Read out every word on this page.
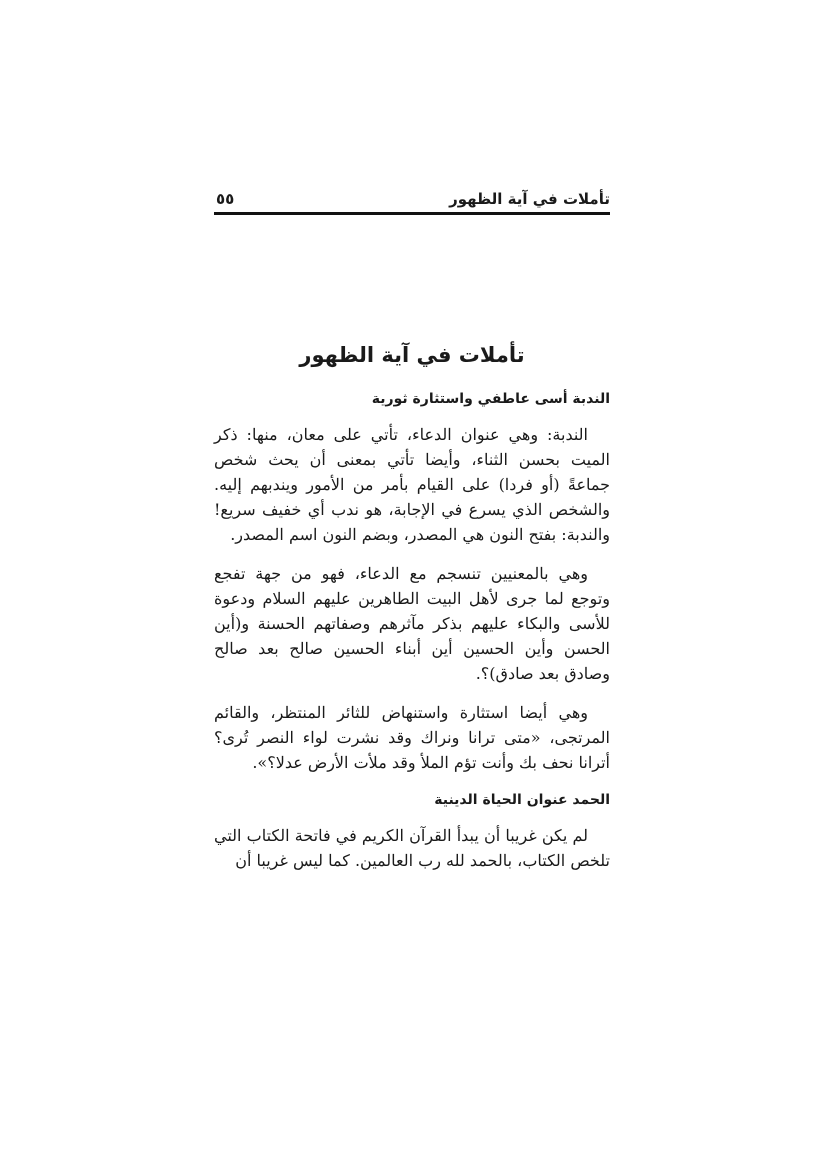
تأملات في آية الظهور
٥٥
تأملات في آية الظهور
الندبة أسى عاطفي واستثارة ثورية

الندبة: وهي عنوان الدعاء، تأتي على معان، منها: ذكر الميت بحسن الثناء، وأيضا تأتي بمعنى أن يحث شخص جماعةً (أو فردا) على القيام بأمر من الأمور ويندبهم إليه. والشخص الذي يسرع في الإجابة، هو ندب أي خفيف سريع! والندبة: بفتح النون هي المصدر، وبضم النون اسم المصدر.

وهي بالمعنيين تنسجم مع الدعاء، فهو من جهة تفجع وتوجع لما جرى لأهل البيت الطاهرين عليهم السلام ودعوة للأسى والبكاء عليهم بذكر مآثرهم وصفاتهم الحسنة و(أين الحسن وأين الحسين أين أبناء الحسين صالح بعد صالح وصادق بعد صادق)؟.

وهي أيضا استثارة واستنهاض للثائر المنتظر، والقائم المرتجى، «متى ترانا ونراك وقد نشرت لواء النصر تُرى؟ أترانا نحف بك وأنت تؤم الملأ وقد ملأت الأرض عدلا؟».

الحمد عنوان الحياة الدينية

لم يكن غريبا أن يبدأ القرآن الكريم في فاتحة الكتاب التي تلخص الكتاب، بالحمد لله رب العالمين. كما ليس غريبا أن
